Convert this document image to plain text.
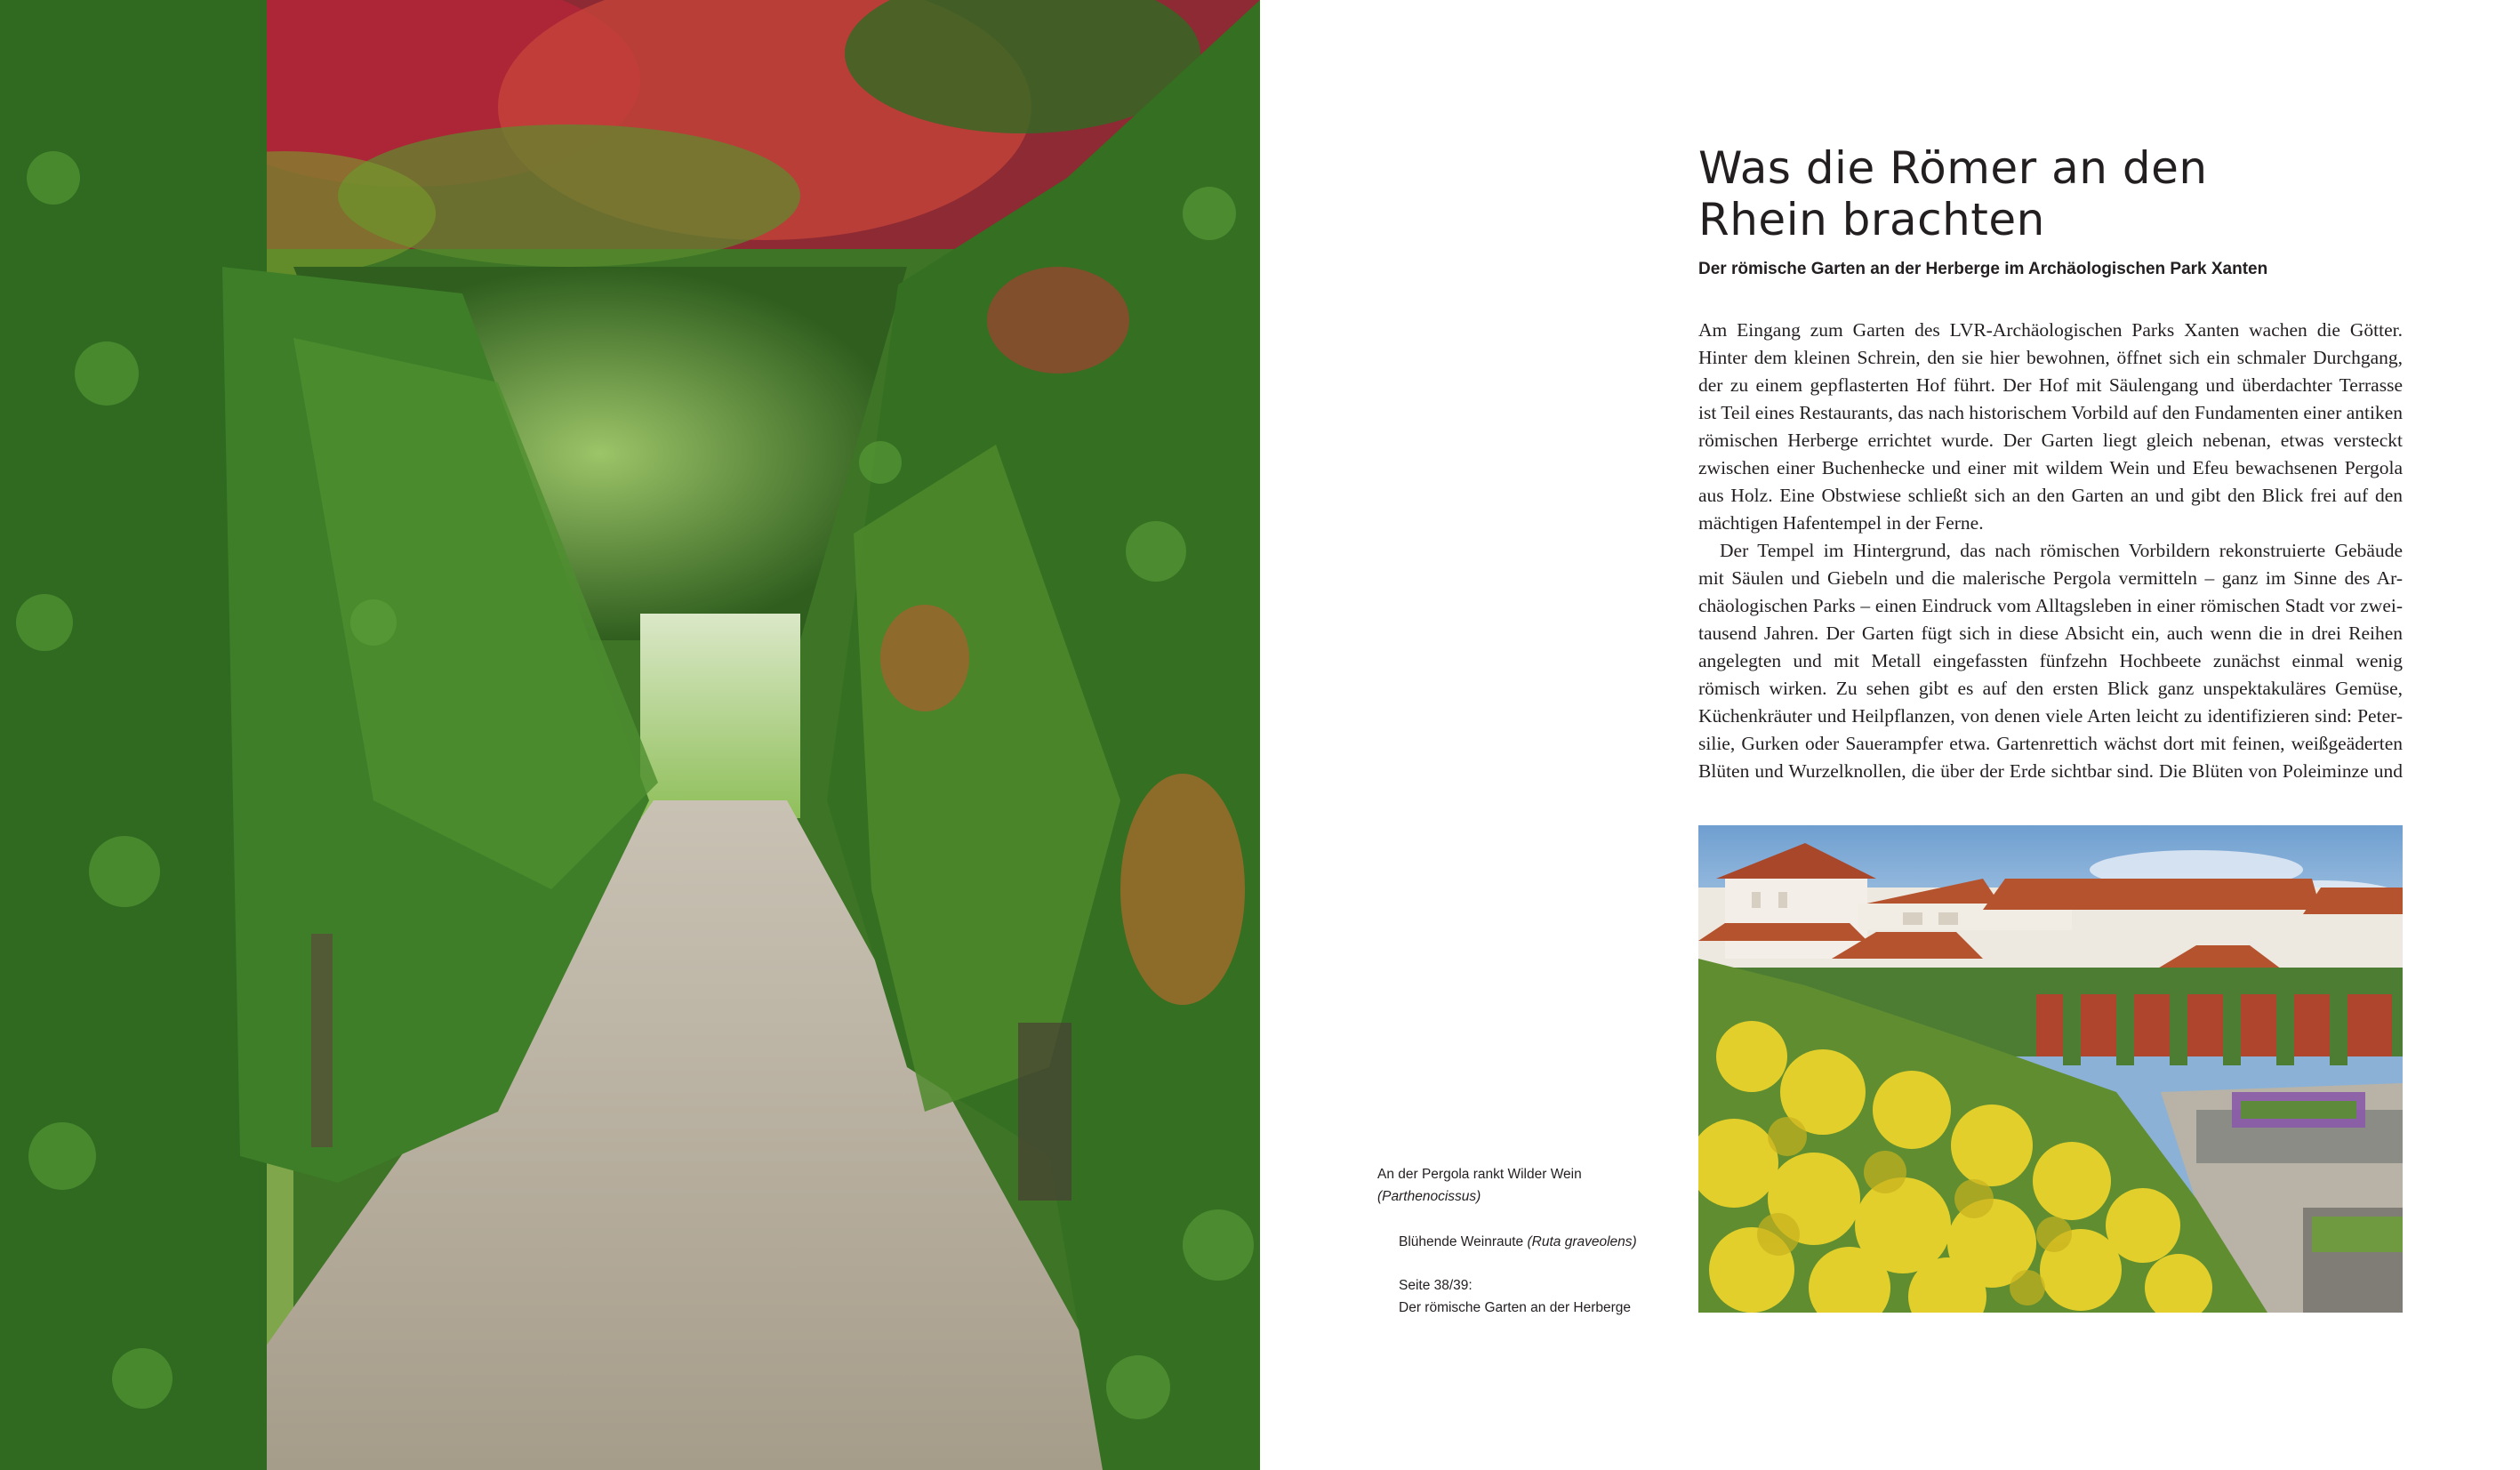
Was die Römer an den
Rhein brachten
Der römische Garten an der Herberge im Archäologischen Park Xanten
Am Eingang zum Garten des LVR-Archäologischen Parks Xanten wachen die Götter.
Hinter dem kleinen Schrein, den sie hier bewohnen, öffnet sich ein schmaler Durchgang,
der zu einem gepflasterten Hof führt. Der Hof mit Säulengang und überdachter Terrasse
ist Teil eines Restaurants, das nach historischem Vorbild auf den Fundamenten einer antiken
römischen Herberge errichtet wurde. Der Garten liegt gleich nebenan, etwas versteckt
zwischen einer Buchenhecke und einer mit wildem Wein und Efeu bewachsenen Pergola
aus Holz. Eine Obstwiese schließt sich an den Garten an und gibt den Blick frei auf den
mächtigen Hafentempel in der Ferne.
Der Tempel im Hintergrund, das nach römischen Vorbildern rekonstruierte Gebäude
mit Säulen und Giebeln und die malerische Pergola vermitteln – ganz im Sinne des Ar-
chäologischen Parks – einen Eindruck vom Alltagsleben in einer römischen Stadt vor zwei-
tausend Jahren. Der Garten fügt sich in diese Absicht ein, auch wenn die in drei Reihen
angelegten und mit Metall eingefassten fünfzehn Hochbeete zunächst einmal wenig
römisch wirken. Zu sehen gibt es auf den ersten Blick ganz unspektakuläres Gemüse,
Küchenkräuter und Heilpflanzen, von denen viele Arten leicht zu identifizieren sind: Peter-
silie, Gurken oder Sauerampfer etwa. Gartenrettich wächst dort mit feinen, weißgeäderten
Blüten und Wurzelknollen, die über der Erde sichtbar sind. Die Blüten von Poleiminze und
An der Pergola rankt Wilder Wein
(Parthenocissus)
Blühende Weinraute (Ruta graveolens)
Seite 38/39:
Der römische Garten an der Herberge
